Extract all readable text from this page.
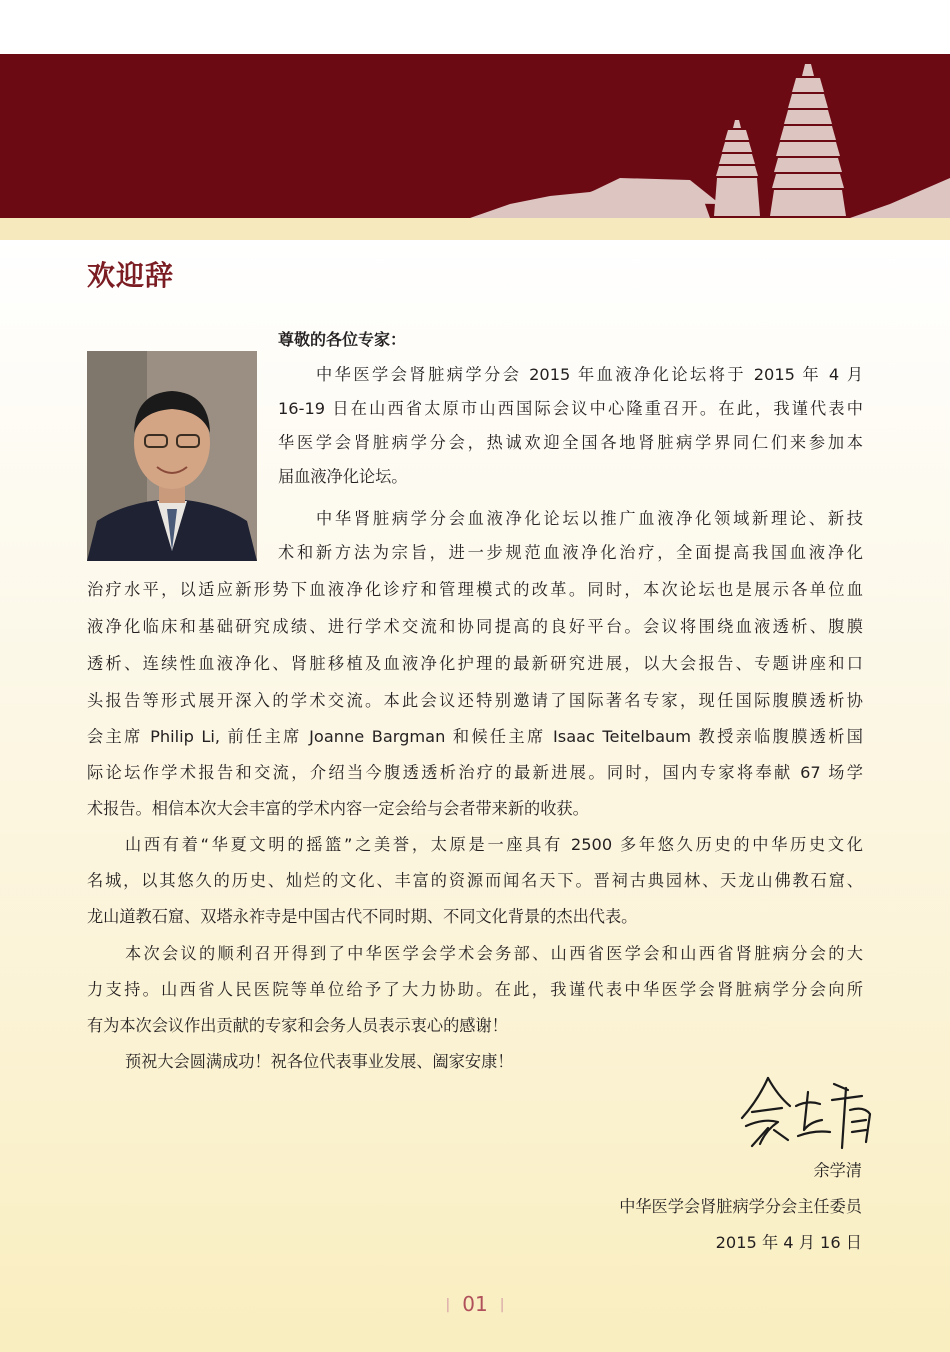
欢迎辞

尊敬的各位专家：

中华医学会肾脏病学分会 2015 年血液净化论坛将于 2015 年 4 月

16-19 日在山西省太原市山西国际会议中心隆重召开。在此，我谨代表中

华医学会肾脏病学分会，热诚欢迎全国各地肾脏病学界同仁们来参加本

届血液净化论坛。

中华肾脏病学分会血液净化论坛以推广血液净化领域新理论、新技

术和新方法为宗旨，进一步规范血液净化治疗，全面提高我国血液净化

治疗水平，以适应新形势下血液净化诊疗和管理模式的改革。同时，本次论坛也是展示各单位血

液净化临床和基础研究成绩、进行学术交流和协同提高的良好平台。会议将围绕血液透析、腹膜

透析、连续性血液净化、肾脏移植及血液净化护理的最新研究进展，以大会报告、专题讲座和口

头报告等形式展开深入的学术交流。本此会议还特别邀请了国际著名专家，现任国际腹膜透析协

会主席 Philip Li, 前任主席 Joanne Bargman 和候任主席 Isaac Teitelbaum 教授亲临腹膜透析国

际论坛作学术报告和交流，介绍当今腹透透析治疗的最新进展。同时，国内专家将奉献 67 场学

术报告。相信本次大会丰富的学术内容一定会给与会者带来新的收获。

山西有着“华夏文明的摇篮”之美誉，太原是一座具有 2500 多年悠久历史的中华历史文化

名城，以其悠久的历史、灿烂的文化、丰富的资源而闻名天下。晋祠古典园林、天龙山佛教石窟、

龙山道教石窟、双塔永祚寺是中国古代不同时期、不同文化背景的杰出代表。

本次会议的顺利召开得到了中华医学会学术会务部、山西省医学会和山西省肾脏病分会的大

力支持。山西省人民医院等单位给予了大力协助。在此，我谨代表中华医学会肾脏病学分会向所

有为本次会议作出贡献的专家和会务人员表示衷心的感谢！

预祝大会圆满成功！祝各位代表事业发展、阖家安康！

余学清

中华医学会肾脏病学分会主任委员

2015 年 4 月 16 日

| 01 |
